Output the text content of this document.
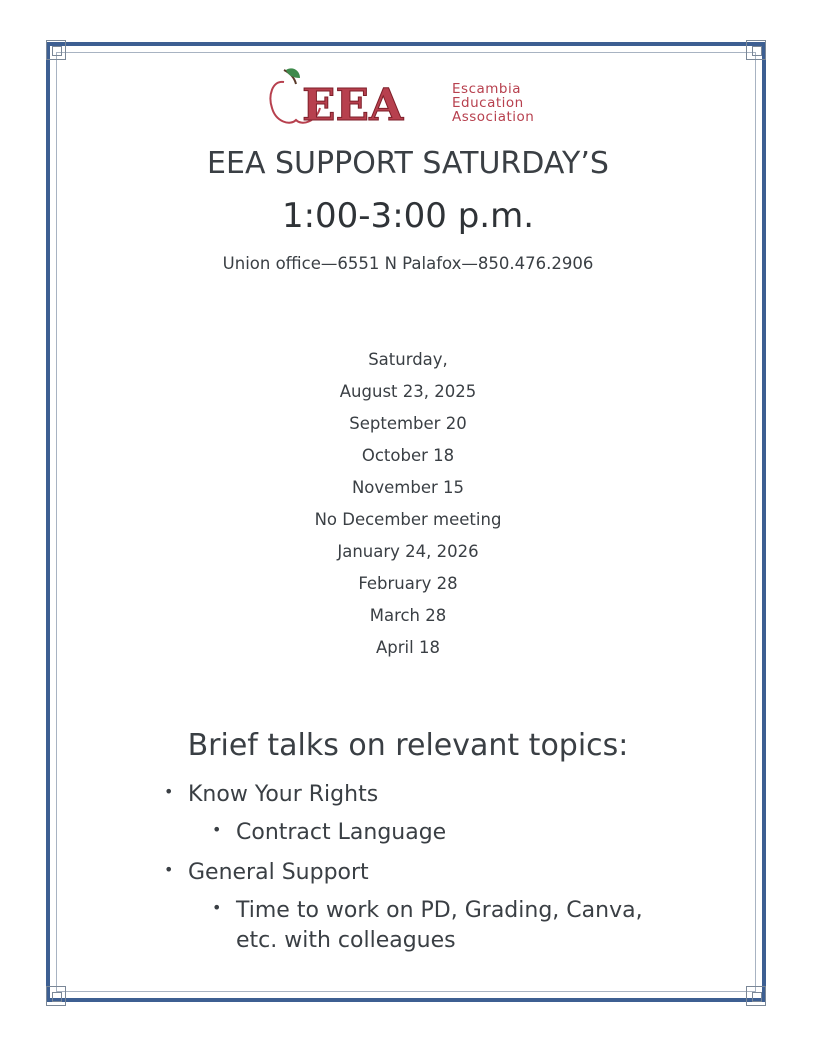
EEA	Escambia
Education
Association
EEA SUPPORT SATURDAY’S
1:00-3:00 p.m.
Union office—6551 N Palafox—850.476.2906
Saturday,
August 23, 2025
September 20
October 18
November 15
No December meeting
January 24, 2026
February 28
March 28
April 18
Brief talks on relevant topics:
• Know Your Rights
• Contract Language
• General Support
• Time to work on PD, Grading, Canva,
etc. with colleagues
